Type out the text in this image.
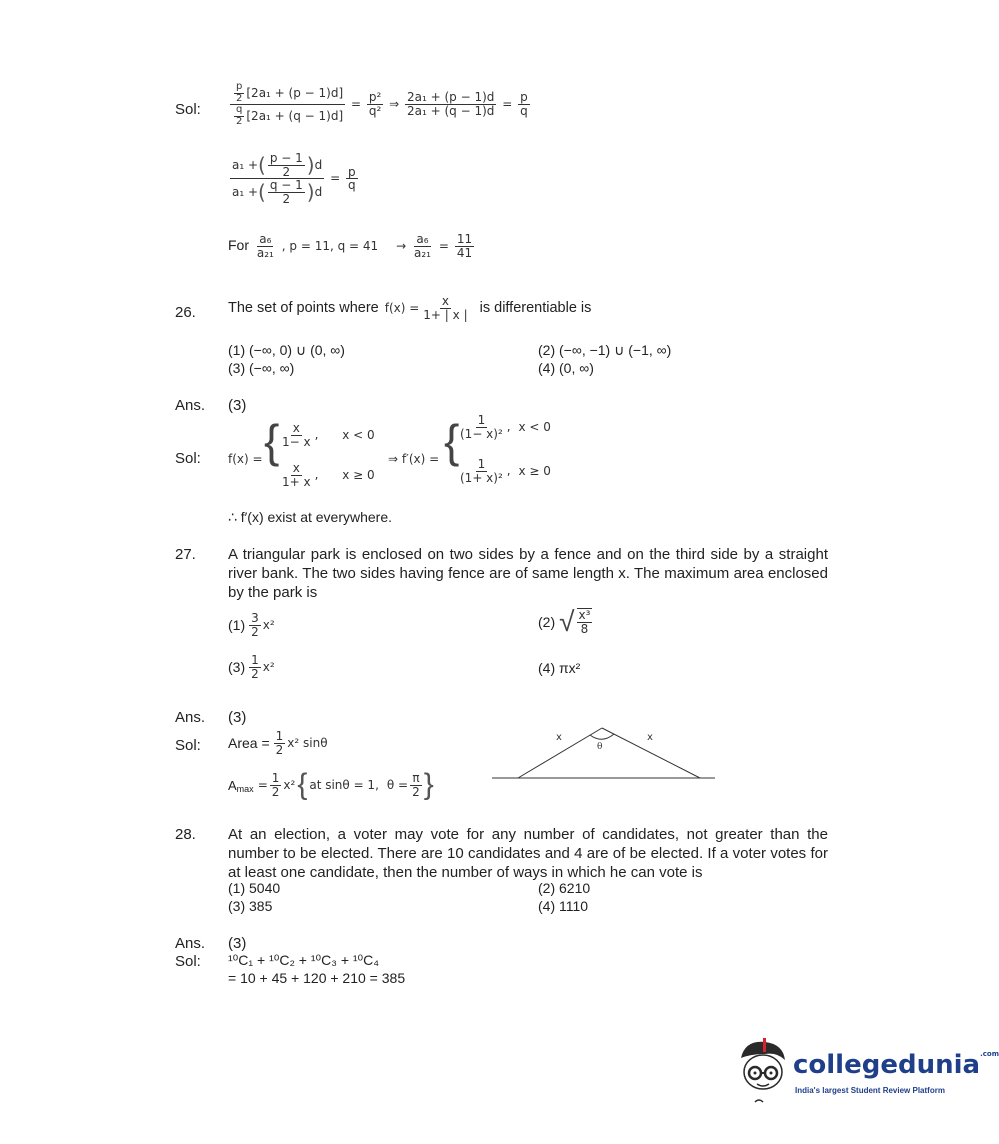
Sol:	$\frac{\frac{p}{2} [2a_1 + (p - 1)d]}{\frac{q}{2} [2a_1 + (q - 1)d]} = \frac{\text{p²}}{\text{q²}}$ ⇒ $\frac{\text{2a₁ + (p − 1)d}}{\text{2a₁ + (q − 1)d}} = \frac{p}{q}$
$\frac{a_1 + ( \frac{p - 1}{2} ) d}{a_1 + ( \frac{q - 1}{2} ) d} = \frac{p}{q}$
For $\frac{\text{a₆}}{\text{a₂₁}}$ , p = 11, $q = 41 \to \frac{\text{a₆}}{\text{a₂₁}} = \frac{11}{41}$
26. The set of points where $f(x) = \frac{x}{1+ | x |}$ is differentiable is
(1) (−∞, 0) ∪ (0, ∞)	(2) (−∞, −1) ∪ (−1, ∞)
(3) (−∞, ∞)	(4) (0, ∞)
Ans. (3)
Sol: f(x) = { $\frac{x}{1- x}$ , x < 0
$\frac{x}{1+ x}$ , x ≥ 0
⇒ f′(x) = {
$\frac{1}{\text{(1− x)²}}$ , x < 0
$\frac{1}{\text{(1+ x)²}}$ , x ≥ 0
∴ f′(x) exist at everywhere.
27. A triangular park is enclosed on two sides by a fence and on the third side by a straight river bank. The two sides having fence are of same length x. The maximum area enclosed by the park is
$(1) \frac{3}{2} x^2$	(2) √ $\frac{\text{x³}}{8}$
$(3) \frac{1}{2} x^2$	(4) πx²
Ans. (3)
Sol: Area = $\frac{1}{2} x^2$ sinθ
A $\max = \frac{1}{2} x^2$ { at sinθ = 1, $\theta = \frac{\pi}{2}$ }
x	x
θ
28. At an election, a voter may vote for any number of candidates, not greater than the number to be elected. There are 10 candidates and 4 are of be elected. If a voter votes for at least one candidate, then the number of ways in which he can vote is
(1) 5040	(2) 6210
(3) 385	(4) 1110
Ans. (3)
Sol: ¹⁰C₁ + ¹⁰C₂ + ¹⁰C₃ + ¹⁰C₄
= 10 + 45 + 120 + 210 = 385
collegedunia$^{.com}$
India's largest Student Review Platform
